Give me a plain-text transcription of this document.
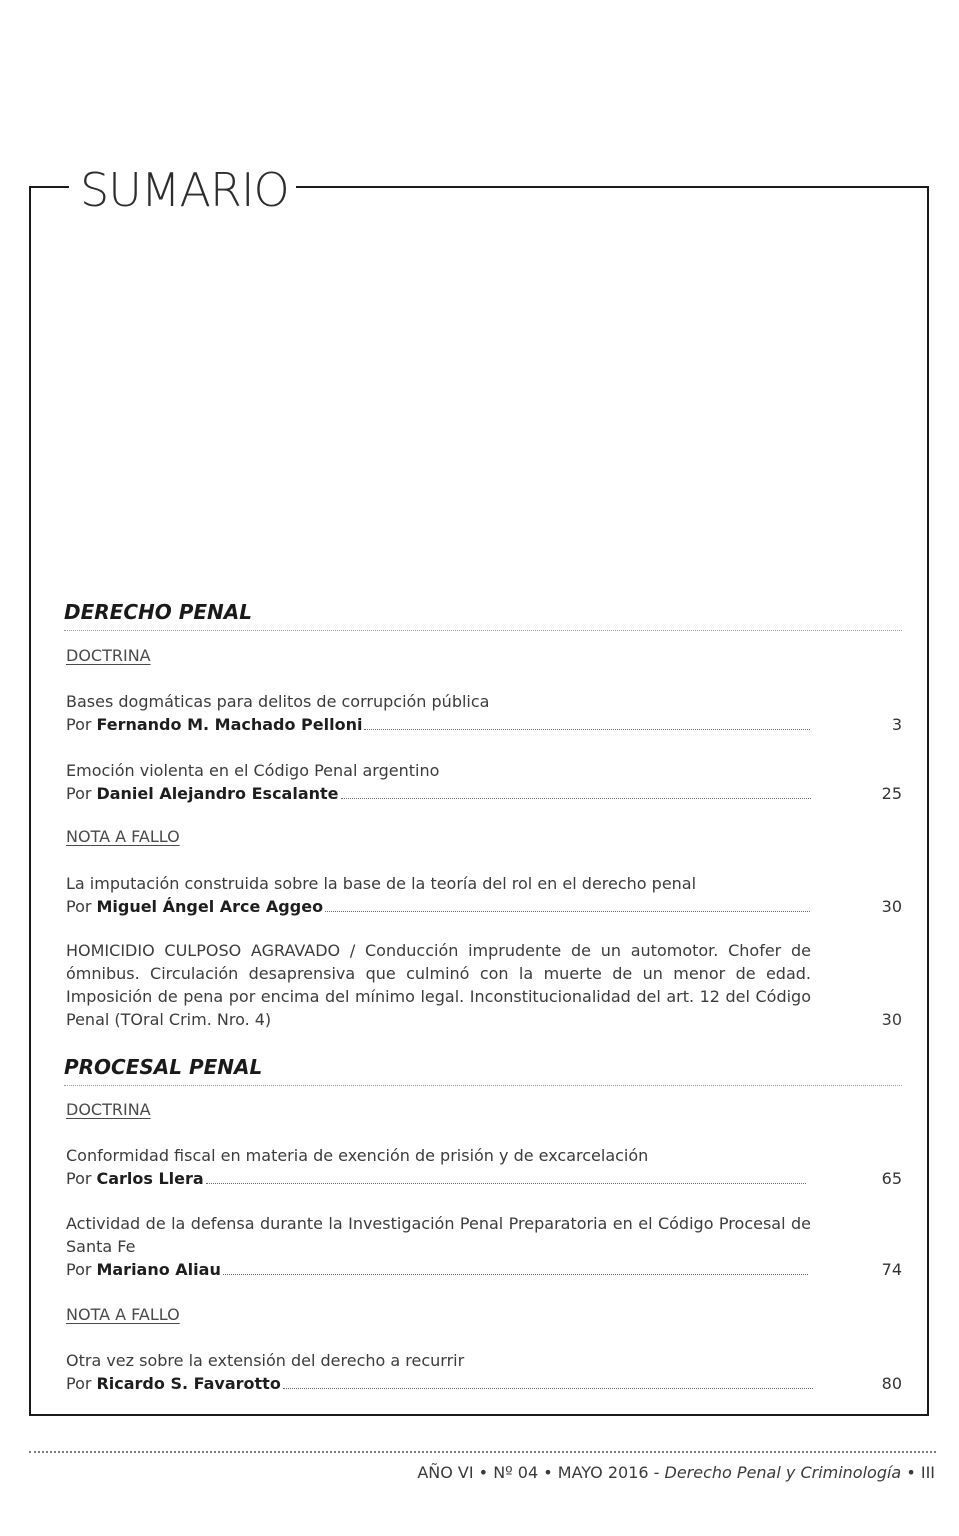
SUMARIO
DERECHO PENAL
DOCTRINA
Bases dogmáticas para delitos de corrupción pública
Por Fernando M. Machado Pelloni	3
Emoción violenta en el Código Penal argentino
Por Daniel Alejandro Escalante	25
NOTA A FALLO
La imputación construida sobre la base de la teoría del rol en el derecho penal
Por Miguel Ángel Arce Aggeo	30
HOMICIDIO CULPOSO AGRAVADO / Conducción imprudente de un automotor. Chofer de ómnibus. Circulación desaprensiva que culminó con la muerte de un menor de edad. Imposición de pena por encima del mínimo legal. Inconstitucionalidad del art. 12 del Código Penal (TOral Crim. Nro. 4)	30
PROCESAL PENAL
DOCTRINA
Conformidad fiscal en materia de exención de prisión y de excarcelación
Por Carlos Llera	65
Actividad de la defensa durante la Investigación Penal Preparatoria en el Código Procesal de Santa Fe
Por Mariano Aliau	74
NOTA A FALLO
Otra vez sobre la extensión del derecho a recurrir
Por Ricardo S. Favarotto	80
AÑO VI • Nº 04 • MAYO 2016 - Derecho Penal y Criminología • III
